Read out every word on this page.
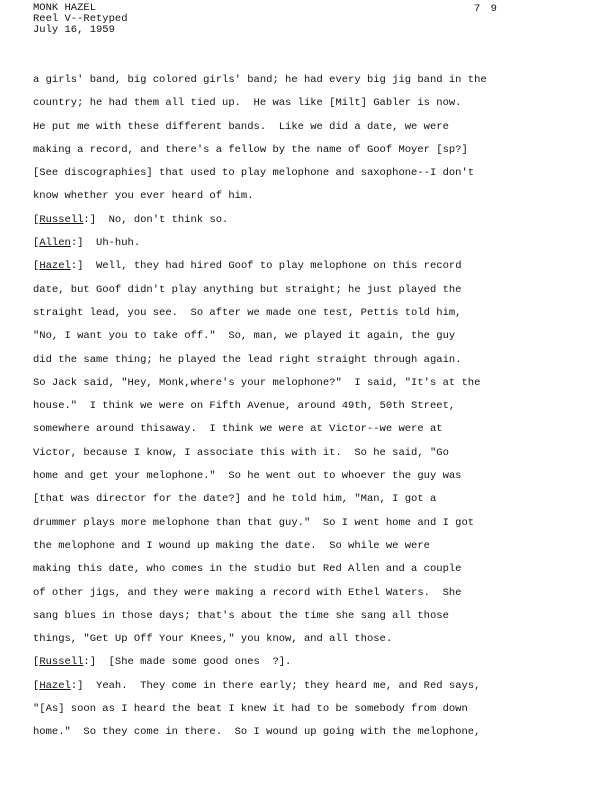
MONK HAZEL
Reel V--Retyped
July 16, 1959
7 9
a girls' band, big colored girls' band; he had every big jig band in the
country; he had them all tied up.  He was like [Milt] Gabler is now.
He put me with these different bands.  Like we did a date, we were
making a record, and there's a fellow by the name of Goof Moyer [sp?]
[See discographies] that used to play melophone and saxophone--I don't
know whether you ever heard of him.
[Russell:]  No, don't think so.
[Allen:]  Uh-huh.
[Hazel:]  Well, they had hired Goof to play melophone on this record
date, but Goof didn't play anything but straight; he just played the
straight lead, you see.  So after we made one test, Pettis told him,
"No, I want you to take off."  So, man, we played it again, the guy
did the same thing; he played the lead right straight through again.
So Jack said, "Hey, Monk,where's your melophone?"  I said, "It's at the
house."  I think we were on Fifth Avenue, around 49th, 50th Street,
somewhere around thisaway.  I think we were at Victor--we were at
Victor, because I know, I associate this with it.  So he said, "Go
home and get your melophone."  So he went out to whoever the guy was
[that was director for the date?] and he told him, "Man, I got a
drummer plays more melophone than that guy."  So I went home and I got
the melophone and I wound up making the date.  So while we were
making this date, who comes in the studio but Red Allen and a couple
of other jigs, and they were making a record with Ethel Waters.  She
sang blues in those days; that's about the time she sang all those
things, "Get Up Off Your Knees," you know, and all those.
[Russell:]  [She made some good ones  ?].
[Hazel:]  Yeah.  They come in there early; they heard me, and Red says,
"[As] soon as I heard the beat I knew it had to be somebody from down
home."  So they come in there.  So I wound up going with the melophone,
